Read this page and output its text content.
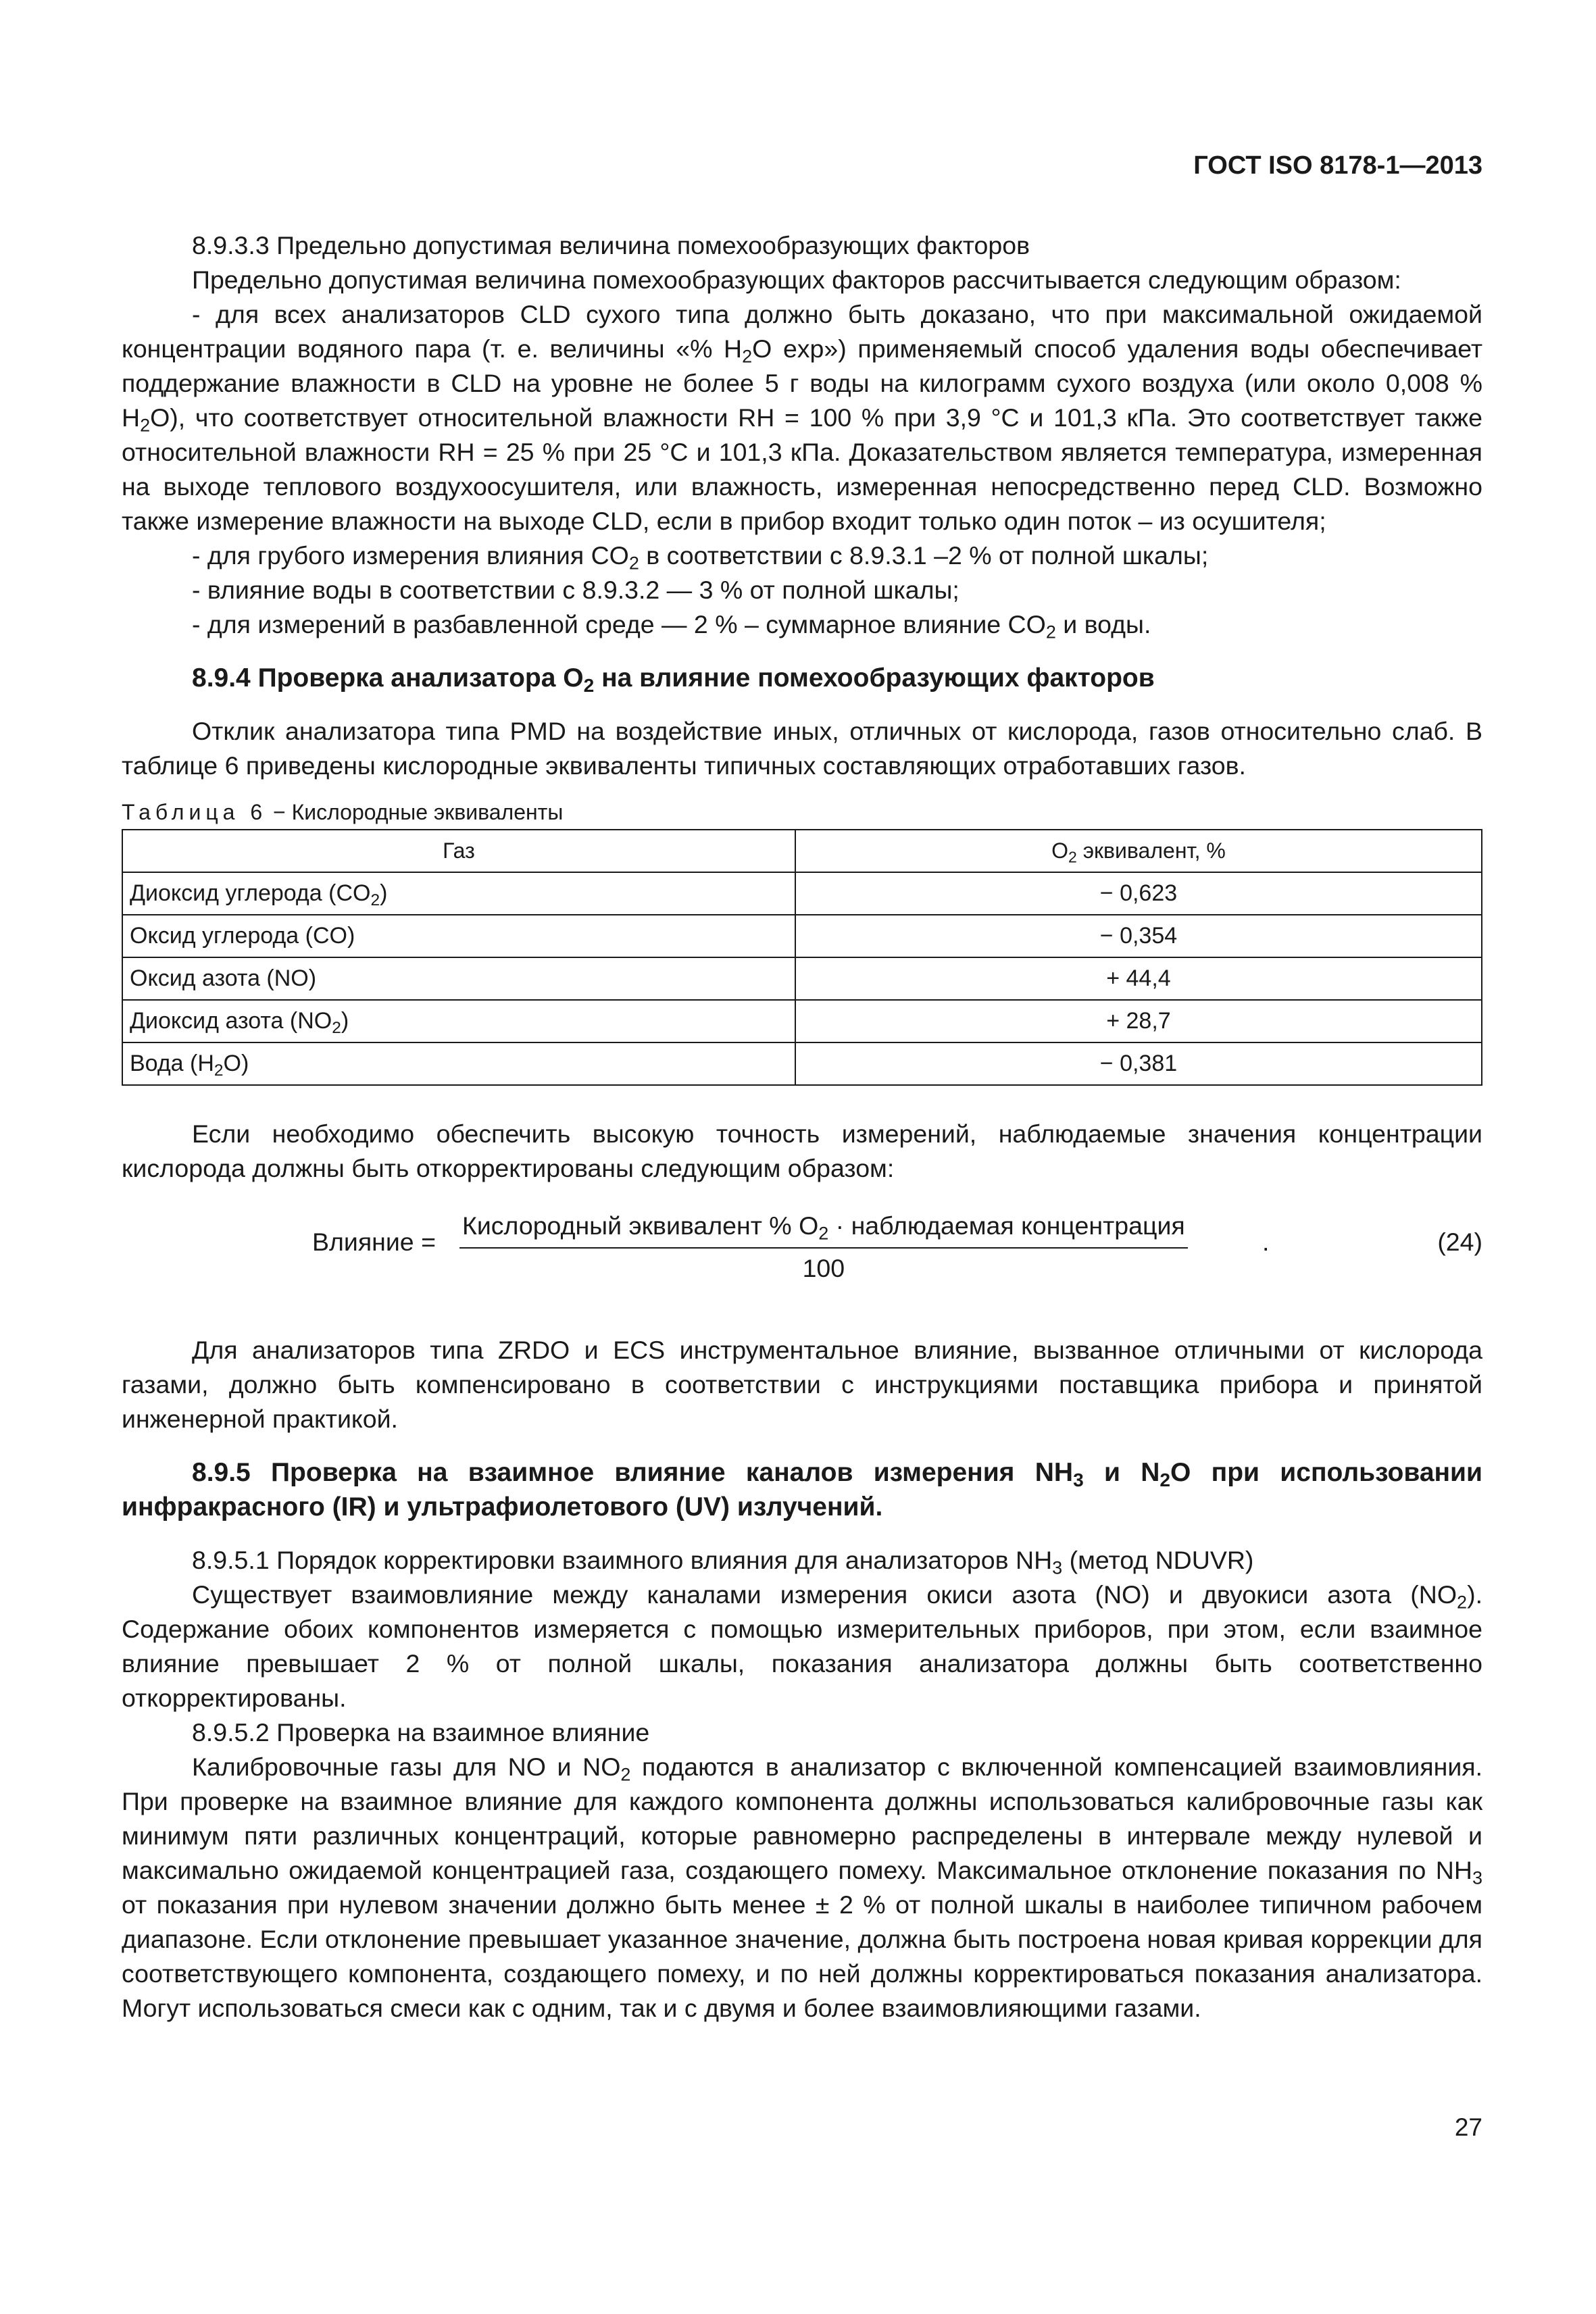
ГОСТ ISO 8178-1—2013

8.9.3.3 Предельно допустимая величина помехообразующих факторов

Предельно допустимая величина помехообразующих факторов рассчитывается следующим образом:

- для всех анализаторов CLD сухого типа должно быть доказано, что при максимальной ожидаемой концентрации водяного пара (т. е. величины «% $H_2O$ exp») применяемый способ удаления воды обеспечивает поддержание влажности в CLD на уровне не более 5 г воды на килограмм сухого воздуха (или около 0,008 % $H_2O$), что соответствует относительной влажности RH = 100 % при 3,9 °С и 101,3 кПа. Это соответствует также относительной влажности RH = 25 % при 25 °С и 101,3 кПа. Доказательством является температура, измеренная на выходе теплового воздухоосушителя, или влажность, измеренная непосредственно перед CLD. Возможно также измерение влажности на выходе CLD, если в прибор входит только один поток – из осушителя;

- для грубого измерения влияния $CO_2$ в соответствии с 8.9.3.1 –2 % от полной шкалы;

- влияние воды в соответствии с 8.9.3.2 — 3 % от полной шкалы;

- для измерений в разбавленной среде — 2 % – суммарное влияние $CO_2$ и воды.

8.9.4 Проверка анализатора $O_2$ на влияние помехообразующих факторов

Отклик анализатора типа PMD на воздействие иных, отличных от кислорода, газов относительно слаб. В таблице 6 приведены кислородные эквиваленты типичных составляющих отработавших газов.

Таблица 6 − Кислородные эквиваленты

Газ	$O_2$ эквивалент, %
Диоксид углерода $(CO_2)$	− 0,623
Оксид углерода (CO)	− 0,354
Оксид азота (NO)	+ 44,4
Диоксид азота $(NO_2)$	+ 28,7
Вода $(H_2O)$	− 0,381

Если необходимо обеспечить высокую точность измерений, наблюдаемые значения концентрации кислорода должны быть откорректированы следующим образом:

Влияние =
Кислородный эквивалент % $O_2$ · наблюдаемая концентрация
100
.	(24)

Для анализаторов типа ZRDO и ECS инструментальное влияние, вызванное отличными от кислорода газами, должно быть компенсировано в соответствии с инструкциями поставщика прибора и принятой инженерной практикой.

8.9.5 Проверка на взаимное влияние каналов измерения $NH_3$ и $N_2O$ при использовании инфракрасного (IR) и ультрафиолетового (UV) излучений.

8.9.5.1 Порядок корректировки взаимного влияния для анализаторов $NH_3$ (метод NDUVR)

Существует взаимовлияние между каналами измерения окиси азота (NO) и двуокиси азота $(NO_2)$. Содержание обоих компонентов измеряется с помощью измерительных приборов, при этом, если взаимное влияние превышает 2 % от полной шкалы, показания анализатора должны быть соответственно откорректированы.

8.9.5.2 Проверка на взаимное влияние

Калибровочные газы для NO и $NO_2$ подаются в анализатор с включенной компенсацией взаимовлияния. При проверке на взаимное влияние для каждого компонента должны использоваться калибровочные газы как минимум пяти различных концентраций, которые равномерно распределены в интервале между нулевой и максимально ожидаемой концентрацией газа, создающего помеху. Максимальное отклонение показания по $NH_3$ от показания при нулевом значении должно быть менее ± 2 % от полной шкалы в наиболее типичном рабочем диапазоне. Если отклонение превышает указанное значение, должна быть построена новая кривая коррекции для соответствующего компонента, создающего помеху, и по ней должны корректироваться показания анализатора. Могут использоваться смеси как с одним, так и с двумя и более взаимовлияющими газами.

27
